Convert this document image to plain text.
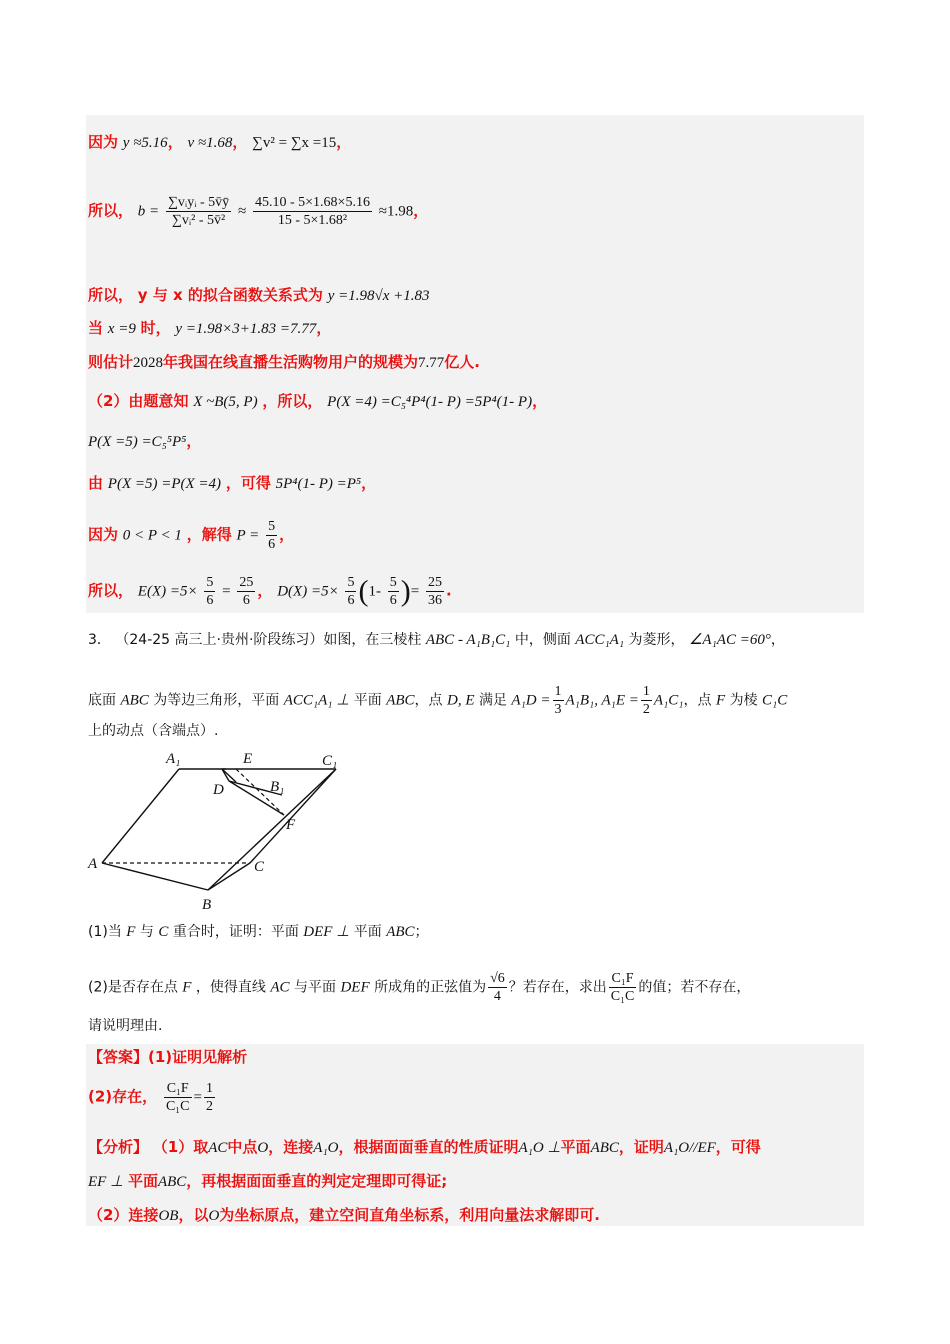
因为 y ≈5.16， v ≈1.68， ∑v² = ∑x =15，
所以， $b = \frac{\text{∑vᵢyᵢ - 5v̄ȳ}}{\text{∑vᵢ² - 5v̄²}} \approx \frac{45.10 - 5\times 1.68\times 5.16}{\text{15 - 5×1.68²}} \approx 1.98$，
所以， y 与 x 的拟合函数关系式为 y =1.98√x +1.83
当 x =9 时， y =1.98×3+1.83 =7.77，
则估计2028年我国在线直播生活购物用户的规模为7.77亿人.
（2）由题意知 X ~B(5, P) ，所以， P(X =4) =C₅⁴P⁴(1- P) =5P⁴(1- P)，
P(X =5) =C₅⁵P⁵，
由 P(X =5) =P(X =4) ，可得 5P⁴(1- P) =P⁵，
因为 0 < P < 1 ，解得 $P = \frac{5}{6}$ ，
所以， $E(X) =5\times \frac{5}{6} = \frac{25}{6}$ ， $D(X) =5\times \frac{5}{6} (1- \frac{5}{6}$ )= $\frac{25}{36}$ .
3． （24-25 高三上·贵州·阶段练习）如图，在三棱柱 ABC - A₁B₁C₁ 中，侧面 ACC₁A₁ 为菱形， ∠A₁AC =60°，
底面 ABC 为等边三角形，平面 ACC₁A₁ ⊥ 平面 ABC，点 D, E 满足 $A_1D = \frac{1}{3} A_1B_1$, $A_1E = \frac{1}{2} A_1C_1$，点 F 为棱 C₁C
上的动点（含端点）.
A₁	E	C₁
D	B₁
F
A	C
B
(1)当 F 与 C 重合时，证明：平面 DEF ⊥ 平面 ABC；
(2)是否存在点 F ，使得直线 AC 与平面 DEF 所成角的正弦值为 $\frac{√6}{4}$ ？若存在，求出 $\frac{\text{C₁F}}{\text{C₁C}}$ 的值；若不存在，
请说明理由.
【答案】(1)证明见解析
(2)存在， $\frac{\text{C₁F}}{\text{C₁C}} = \frac{1}{2}$
【分析】 （1）取AC中点O，连接A₁O，根据面面垂直的性质证明A₁O ⊥平面ABC，证明A₁O//EF，可得
EF ⊥ 平面ABC，再根据面面垂直的判定定理即可得证;
（2）连接OB，以O为坐标原点，建立空间直角坐标系，利用向量法求解即可.
